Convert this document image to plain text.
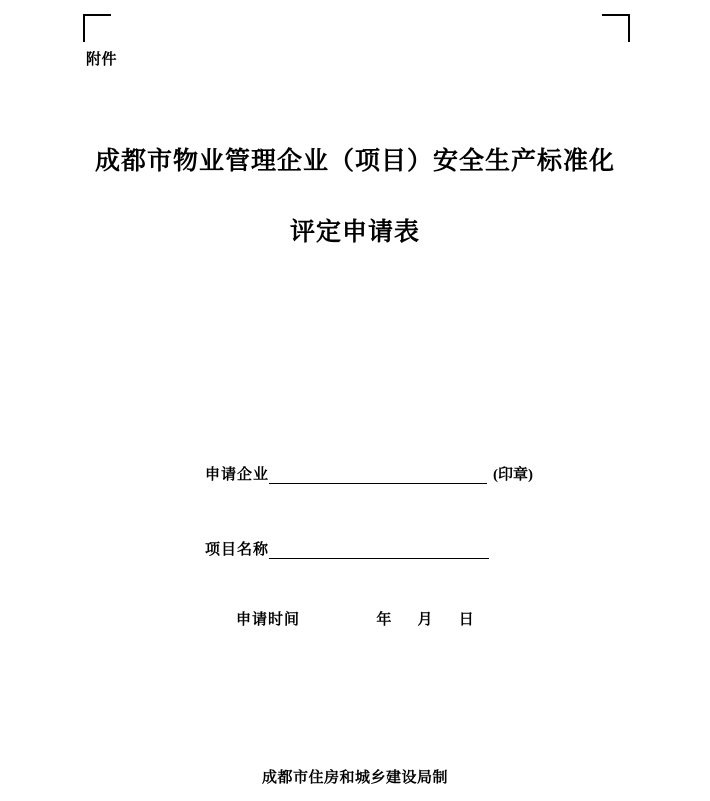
附件
成都市物业管理企业（项目）安全生产标准化
评定申请表
申请企业	(印章)
项目名称
申请时间	年 月 日
成都市住房和城乡建设局制
